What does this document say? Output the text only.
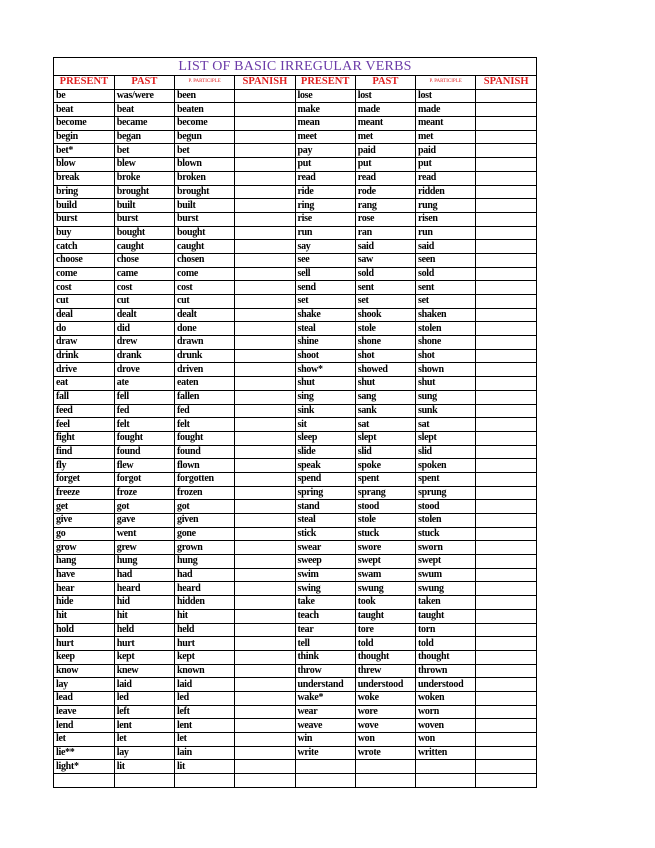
LIST OF BASIC IRREGULAR VERBS
PRESENT	PAST	P. PARTICIPLE	SPANISH	PRESENT	PAST	P. PARTICIPLE	SPANISH
be	was/were	been		lose	lost	lost	
beat	beat	beaten		make	made	made	
become	became	become		mean	meant	meant	
begin	began	begun		meet	met	met	
bet*	bet	bet		pay	paid	paid	
blow	blew	blown		put	put	put	
break	broke	broken		read	read	read	
bring	brought	brought		ride	rode	ridden	
build	built	built		ring	rang	rung	
burst	burst	burst		rise	rose	risen	
buy	bought	bought		run	ran	run	
catch	caught	caught		say	said	said	
choose	chose	chosen		see	saw	seen	
come	came	come		sell	sold	sold	
cost	cost	cost		send	sent	sent	
cut	cut	cut		set	set	set	
deal	dealt	dealt		shake	shook	shaken	
do	did	done		steal	stole	stolen	
draw	drew	drawn		shine	shone	shone	
drink	drank	drunk		shoot	shot	shot	
drive	drove	driven		show*	showed	shown	
eat	ate	eaten		shut	shut	shut	
fall	fell	fallen		sing	sang	sung	
feed	fed	fed		sink	sank	sunk	
feel	felt	felt		sit	sat	sat	
fight	fought	fought		sleep	slept	slept	
find	found	found		slide	slid	slid	
fly	flew	flown		speak	spoke	spoken	
forget	forgot	forgotten		spend	spent	spent	
freeze	froze	frozen		spring	sprang	sprung	
get	got	got		stand	stood	stood	
give	gave	given		steal	stole	stolen	
go	went	gone		stick	stuck	stuck	
grow	grew	grown		swear	swore	sworn	
hang	hung	hung		sweep	swept	swept	
have	had	had		swim	swam	swum	
hear	heard	heard		swing	swung	swung	
hide	hid	hidden		take	took	taken	
hit	hit	hit		teach	taught	taught	
hold	held	held		tear	tore	torn	
hurt	hurt	hurt		tell	told	told	
keep	kept	kept		think	thought	thought	
know	knew	known		throw	threw	thrown	
lay	laid	laid		understand	understood	understood	
lead	led	led		wake*	woke	woken	
leave	left	left		wear	wore	worn	
lend	lent	lent		weave	wove	woven	
let	let	let		win	won	won	
lie**	lay	lain		write	wrote	written	
light*	lit	lit					
